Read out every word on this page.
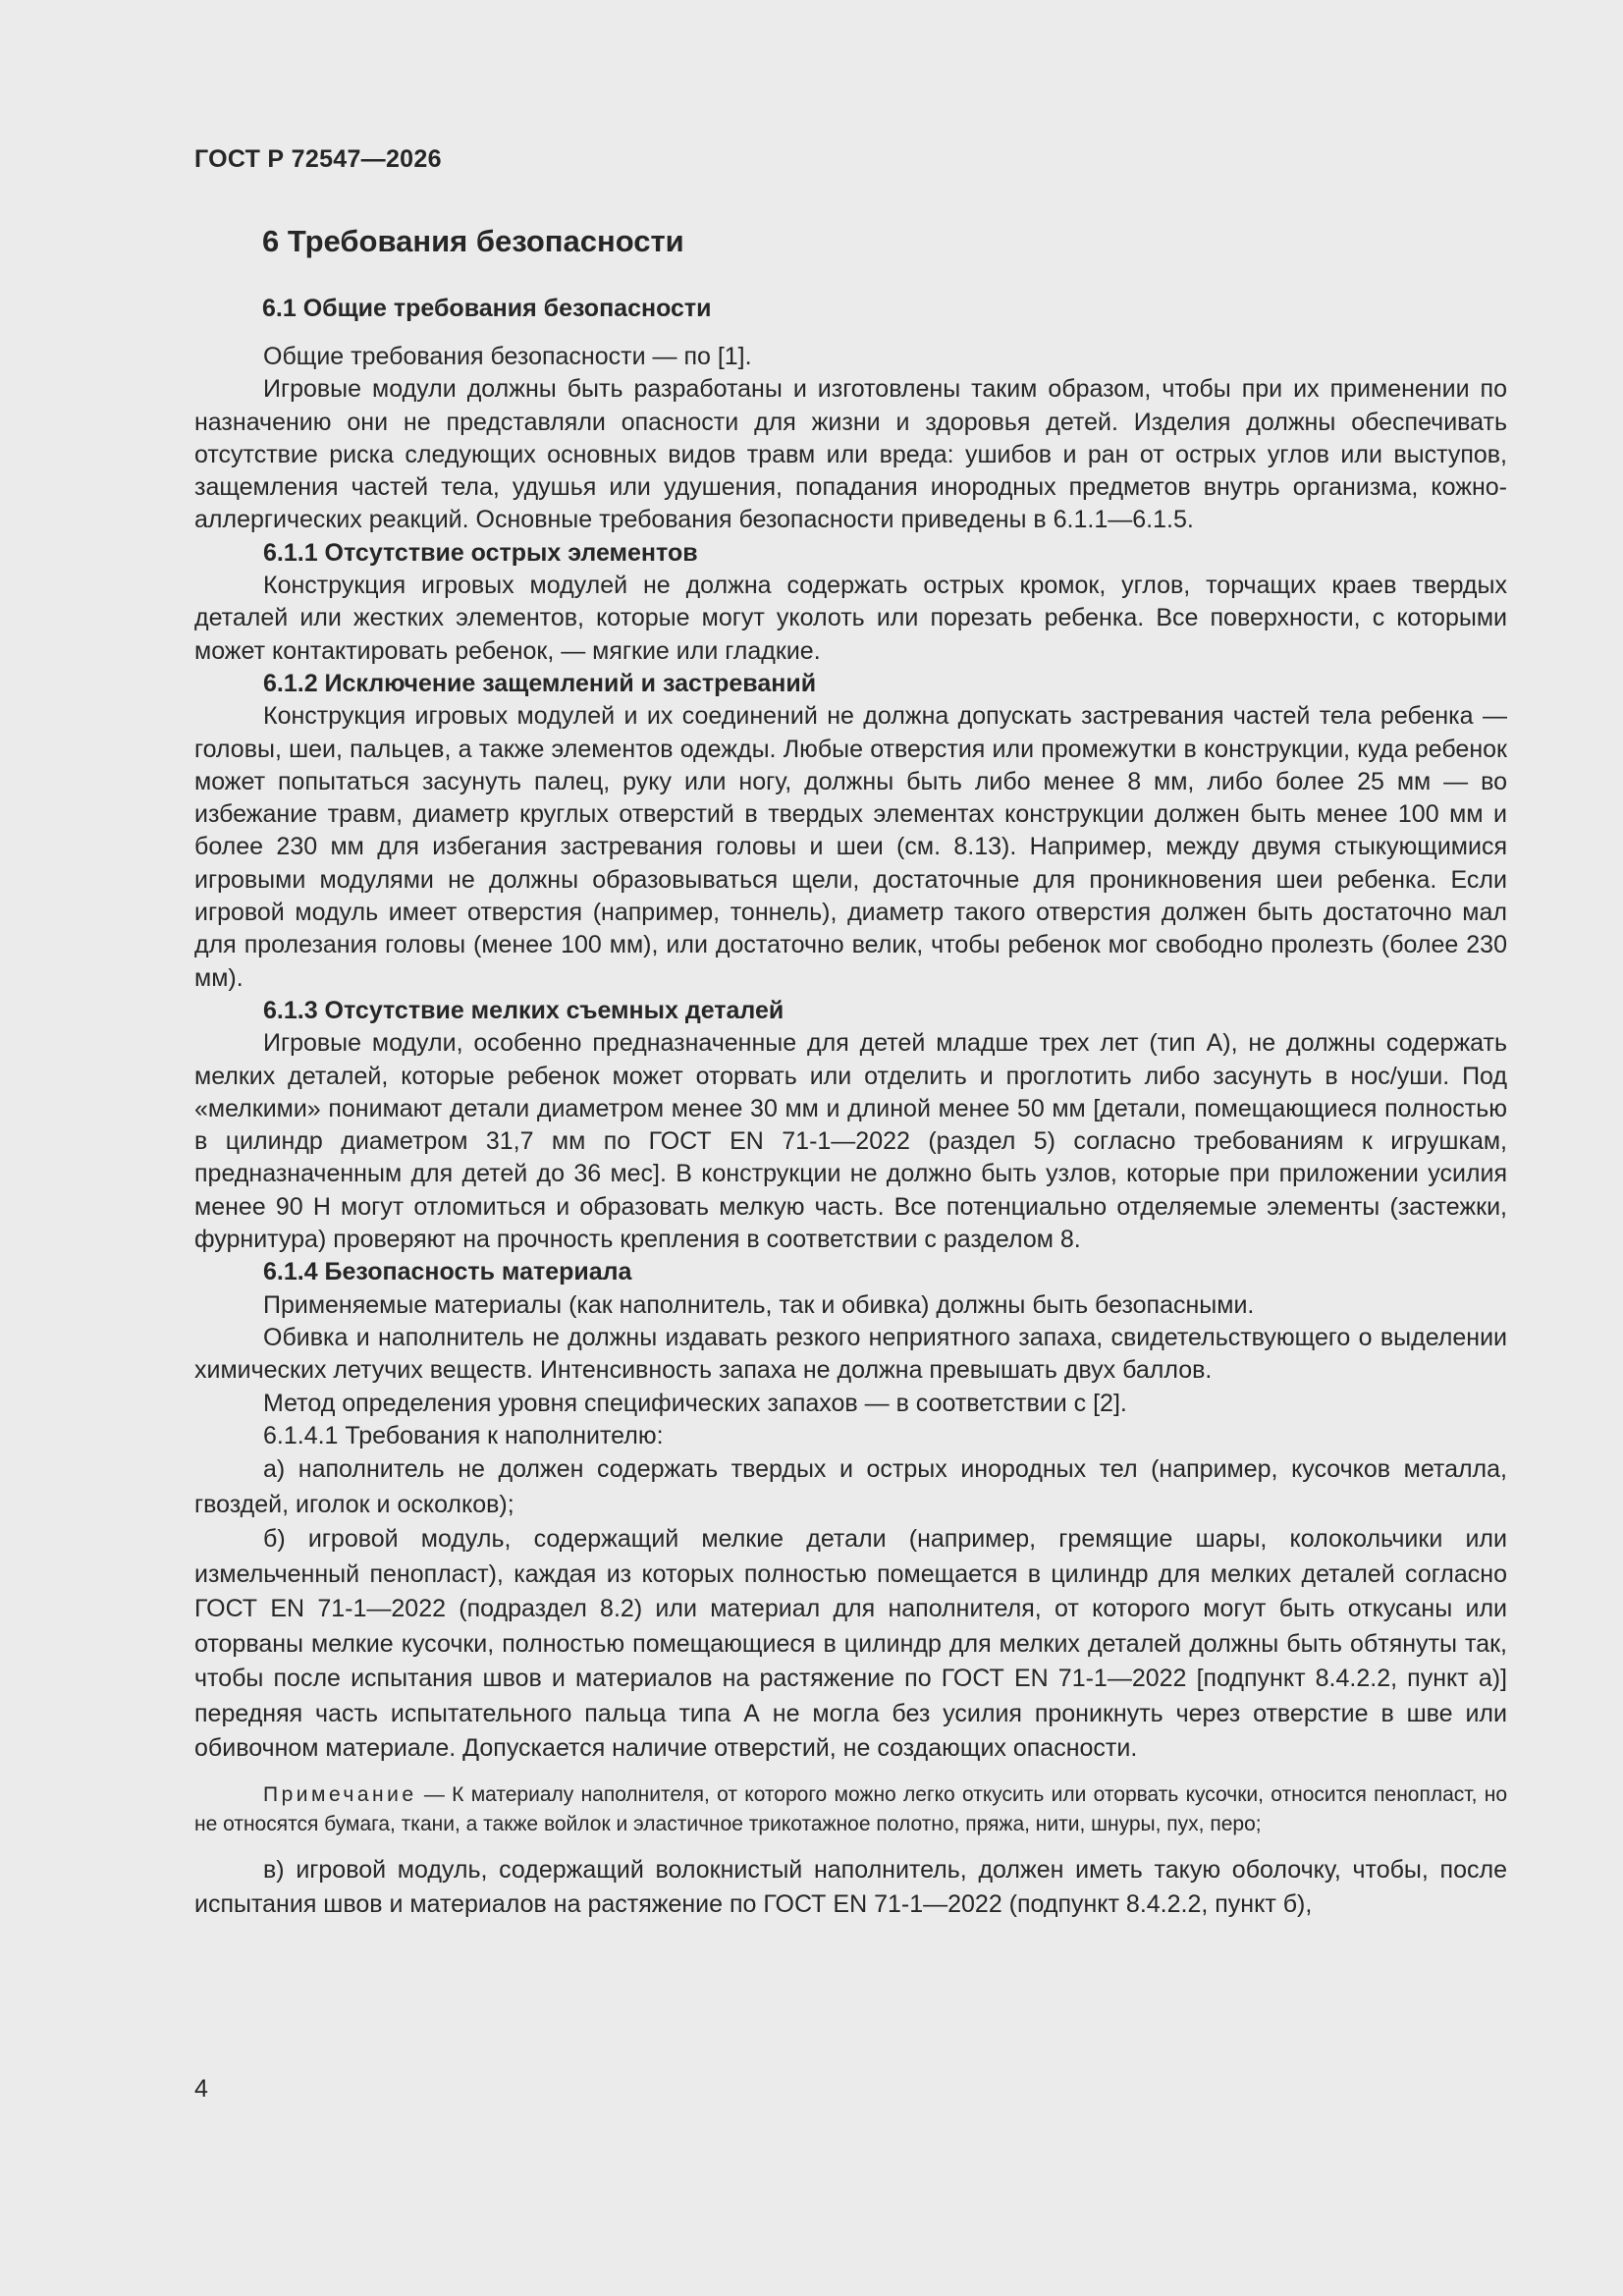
ГОСТ Р 72547—2026
6 Требования безопасности
6.1 Общие требования безопасности

Общие требования безопасности — по [1].

Игровые модули должны быть разработаны и изготовлены таким образом, чтобы при их применении по назначению они не представляли опасности для жизни и здоровья детей. Изделия должны обеспечивать отсутствие риска следующих основных видов травм или вреда: ушибов и ран от острых углов или выступов, защемления частей тела, удушья или удушения, попадания инородных предметов внутрь организма, кожно-аллергических реакций. Основные требования безопасности приведены в 6.1.1—6.1.5.

6.1.1 Отсутствие острых элементов

Конструкция игровых модулей не должна содержать острых кромок, углов, торчащих краев твердых деталей или жестких элементов, которые могут уколоть или порезать ребенка. Все поверхности, с которыми может контактировать ребенок, — мягкие или гладкие.

6.1.2 Исключение защемлений и застреваний

Конструкция игровых модулей и их соединений не должна допускать застревания частей тела ребенка — головы, шеи, пальцев, а также элементов одежды. Любые отверстия или промежутки в конструкции, куда ребенок может попытаться засунуть палец, руку или ногу, должны быть либо менее 8 мм, либо более 25 мм — во избежание травм, диаметр круглых отверстий в твердых элементах конструкции должен быть менее 100 мм и более 230 мм для избегания застревания головы и шеи (см. 8.13). Например, между двумя стыкующимися игровыми модулями не должны образовываться щели, достаточные для проникновения шеи ребенка. Если игровой модуль имеет отверстия (например, тоннель), диаметр такого отверстия должен быть достаточно мал для пролезания головы (менее 100 мм), или достаточно велик, чтобы ребенок мог свободно пролезть (более 230 мм).

6.1.3 Отсутствие мелких съемных деталей

Игровые модули, особенно предназначенные для детей младше трех лет (тип А), не должны содержать мелких деталей, которые ребенок может оторвать или отделить и проглотить либо засунуть в нос/уши. Под «мелкими» понимают детали диаметром менее 30 мм и длиной менее 50 мм [детали, помещающиеся полностью в цилиндр диаметром 31,7 мм по ГОСТ EN 71-1—2022 (раздел 5) согласно требованиям к игрушкам, предназначенным для детей до 36 мес]. В конструкции не должно быть узлов, которые при приложении усилия менее 90 Н могут отломиться и образовать мелкую часть. Все потенциально отделяемые элементы (застежки, фурнитура) проверяют на прочность крепления в соответствии с разделом 8.

6.1.4 Безопасность материала

Применяемые материалы (как наполнитель, так и обивка) должны быть безопасными.

Обивка и наполнитель не должны издавать резкого неприятного запаха, свидетельствующего о выделении химических летучих веществ. Интенсивность запаха не должна превышать двух баллов.

Метод определения уровня специфических запахов — в соответствии с [2].

6.1.4.1 Требования к наполнителю:

а) наполнитель не должен содержать твердых и острых инородных тел (например, кусочков металла, гвоздей, иголок и осколков);

б) игровой модуль, содержащий мелкие детали (например, гремящие шары, колокольчики или измельченный пенопласт), каждая из которых полностью помещается в цилиндр для мелких деталей согласно ГОСТ EN 71-1—2022 (подраздел 8.2) или материал для наполнителя, от которого могут быть откусаны или оторваны мелкие кусочки, полностью помещающиеся в цилиндр для мелких деталей должны быть обтянуты так, чтобы после испытания швов и материалов на растяжение по ГОСТ EN 71-1—2022 [подпункт 8.4.2.2, пункт а)] передняя часть испытательного пальца типа А не могла без усилия проникнуть через отверстие в шве или обивочном материале. Допускается наличие отверстий, не создающих опасности.

Примечание — К материалу наполнителя, от которого можно легко откусить или оторвать кусочки, относится пенопласт, но не относятся бумага, ткани, а также войлок и эластичное трикотажное полотно, пряжа, нити, шнуры, пух, перо;

в) игровой модуль, содержащий волокнистый наполнитель, должен иметь такую оболочку, чтобы, после испытания швов и материалов на растяжение по ГОСТ EN 71-1—2022 (подпункт 8.4.2.2, пункт б),

4
